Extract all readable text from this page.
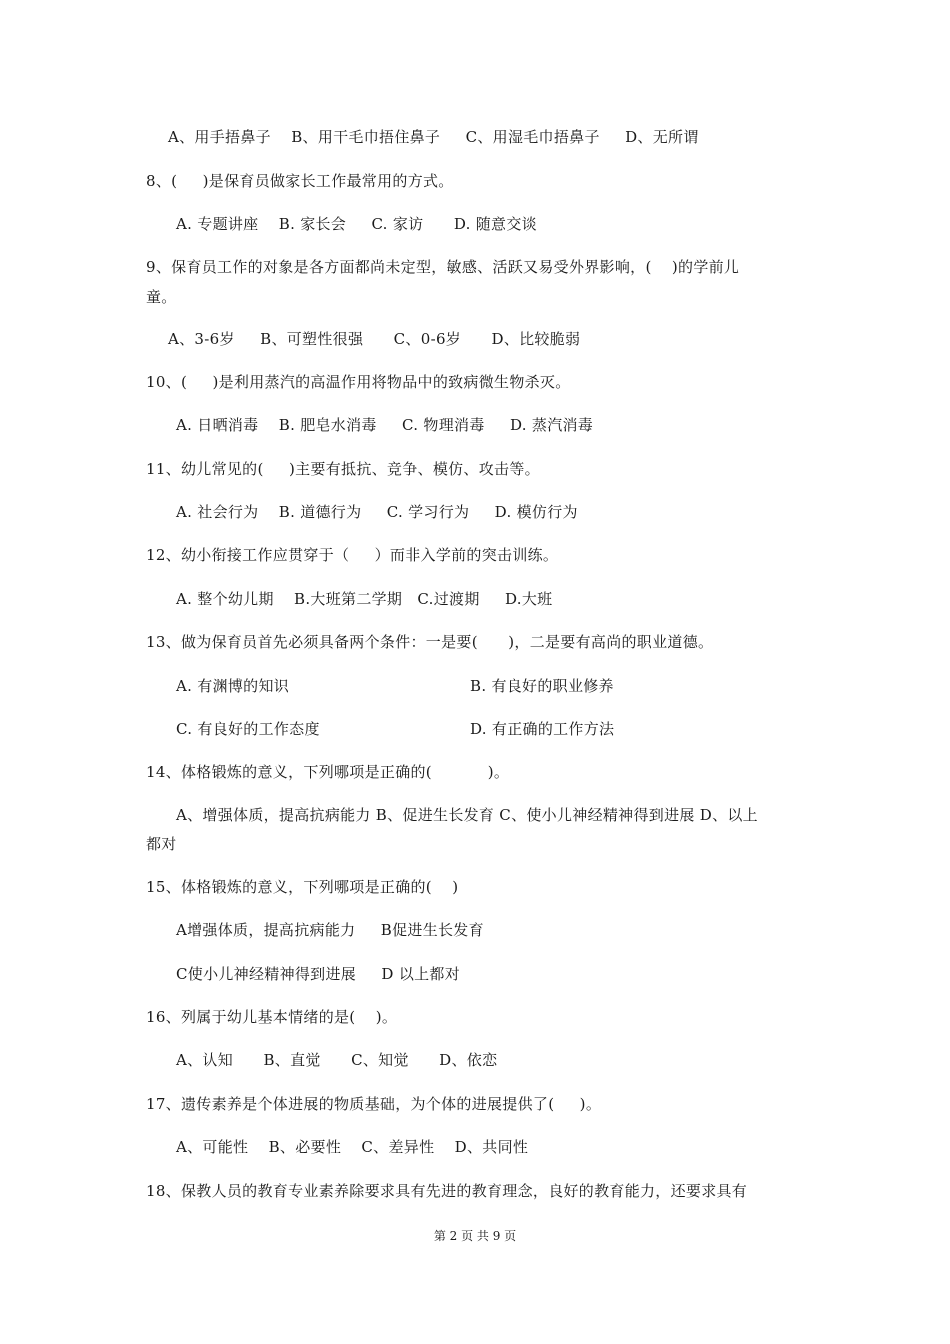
A、用手捂鼻子    B、用干毛巾捂住鼻子     C、用湿毛巾捂鼻子     D、无所谓
8、(     )是保育员做家长工作最常用的方式。
A. 专题讲座    B. 家长会     C. 家访      D. 随意交谈
9、保育员工作的对象是各方面都尚未定型，敏感、活跃又易受外界影响，(    )的学前儿
童。
A、3-6岁     B、可塑性很强      C、0-6岁      D、比较脆弱
10、(     )是利用蒸汽的高温作用将物品中的致病微生物杀灭。
A. 日晒消毒    B. 肥皂水消毒     C. 物理消毒     D. 蒸汽消毒
11、幼儿常见的(     )主要有抵抗、竞争、模仿、攻击等。
A. 社会行为    B. 道德行为     C. 学习行为     D. 模仿行为
12、幼小衔接工作应贯穿于（     ）而非入学前的突击训练。
A. 整个幼儿期    B.大班第二学期   C.过渡期     D.大班
13、做为保育员首先必须具备两个条件：一是要(      )，二是要有高尚的职业道德。
A. 有渊博的知识	B. 有良好的职业修养
C. 有良好的工作态度	D. 有正确的工作方法
14、体格锻炼的意义，下列哪项是正确的(           )。
A、增强体质，提高抗病能力 B、促进生长发育 C、使小儿神经精神得到进展 D、以上
都对
15、体格锻炼的意义，下列哪项是正确的(    )
A增强体质，提高抗病能力     B促进生长发育
C使小儿神经精神得到进展     D 以上都对
16、列属于幼儿基本情绪的是(    )。
A、认知      B、直觉      C、知觉      D、依恋
17、遗传素养是个体进展的物质基础，为个体的进展提供了(     )。
A、可能性    B、必要性    C、差异性    D、共同性
18、保教人员的教育专业素养除要求具有先进的教育理念，良好的教育能力，还要求具有
第 2 页 共 9 页
